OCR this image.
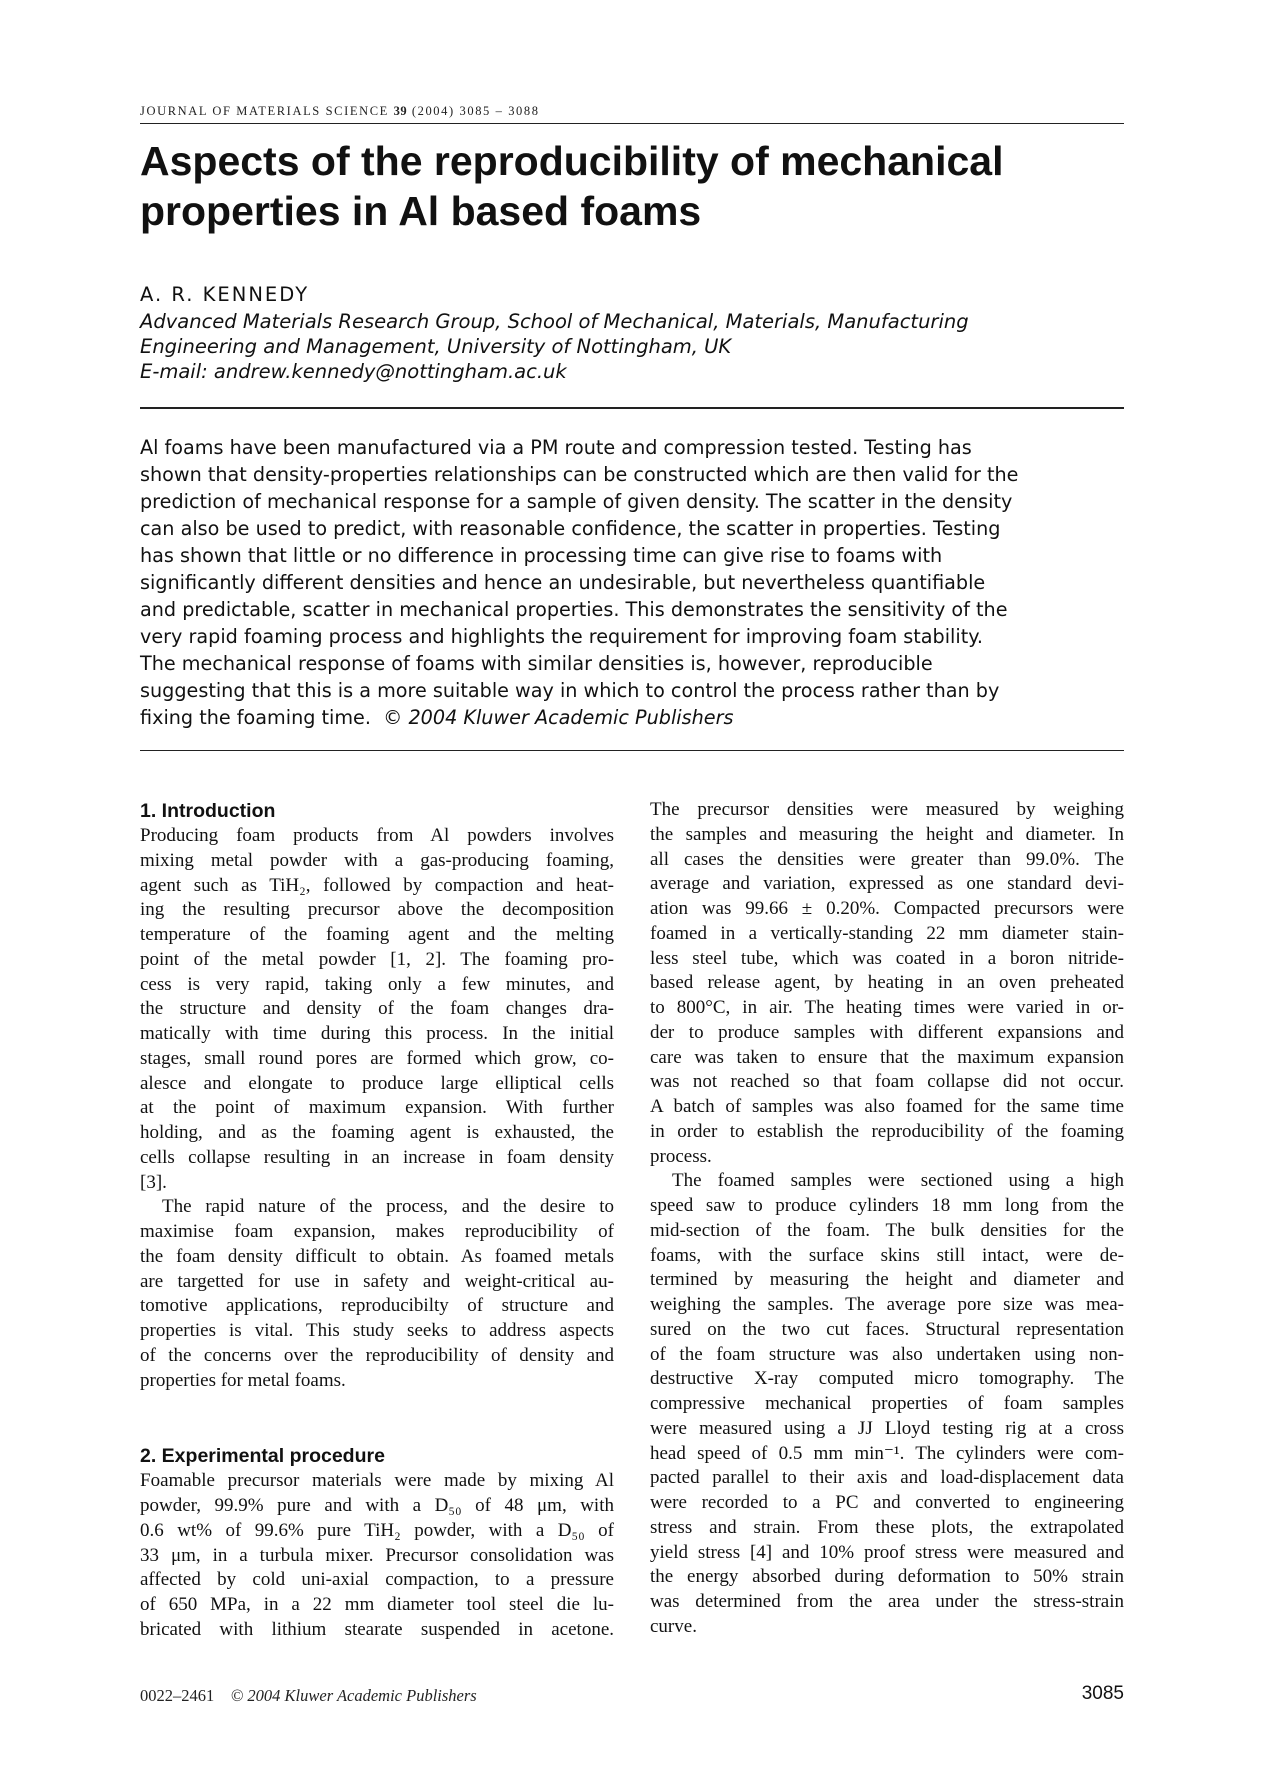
JOURNAL OF MATERIALS SCIENCE 39 (2004) 3085 – 3088
Aspects of the reproducibility of mechanical
properties in Al based foams
A. R. KENNEDY
Advanced Materials Research Group, School of Mechanical, Materials, Manufacturing
Engineering and Management, University of Nottingham, UK
E-mail: andrew.kennedy@nottingham.ac.uk
Al foams have been manufactured via a PM route and compression tested. Testing has
shown that density-properties relationships can be constructed which are then valid for the
prediction of mechanical response for a sample of given density. The scatter in the density
can also be used to predict, with reasonable confidence, the scatter in properties. Testing
has shown that little or no difference in processing time can give rise to foams with
significantly different densities and hence an undesirable, but nevertheless quantifiable
and predictable, scatter in mechanical properties. This demonstrates the sensitivity of the
very rapid foaming process and highlights the requirement for improving foam stability.
The mechanical response of foams with similar densities is, however, reproducible
suggesting that this is a more suitable way in which to control the process rather than by
fixing the foaming time. © 2004 Kluwer Academic Publishers
1. Introduction
Producing foam products from Al powders involves
mixing metal powder with a gas-producing foaming,
agent such as TiH₂, followed by compaction and heat-
ing the resulting precursor above the decomposition
temperature of the foaming agent and the melting
point of the metal powder [1, 2]. The foaming pro-
cess is very rapid, taking only a few minutes, and
the structure and density of the foam changes dra-
matically with time during this process. In the initial
stages, small round pores are formed which grow, co-
alesce and elongate to produce large elliptical cells
at the point of maximum expansion. With further
holding, and as the foaming agent is exhausted, the
cells collapse resulting in an increase in foam density
[3].
The rapid nature of the process, and the desire to
maximise foam expansion, makes reproducibility of
the foam density difficult to obtain. As foamed metals
are targetted for use in safety and weight-critical au-
tomotive applications, reproducibilty of structure and
properties is vital. This study seeks to address aspects
of the concerns over the reproducibility of density and
properties for metal foams.
2. Experimental procedure
Foamable precursor materials were made by mixing Al
powder, 99.9% pure and with a D₅₀ of 48 μm, with
0.6 wt% of 99.6% pure TiH₂ powder, with a D₅₀ of
33 μm, in a turbula mixer. Precursor consolidation was
affected by cold uni-axial compaction, to a pressure
of 650 MPa, in a 22 mm diameter tool steel die lu-
bricated with lithium stearate suspended in acetone.
The precursor densities were measured by weighing
the samples and measuring the height and diameter. In
all cases the densities were greater than 99.0%. The
average and variation, expressed as one standard devi-
ation was 99.66 ± 0.20%. Compacted precursors were
foamed in a vertically-standing 22 mm diameter stain-
less steel tube, which was coated in a boron nitride-
based release agent, by heating in an oven preheated
to 800°C, in air. The heating times were varied in or-
der to produce samples with different expansions and
care was taken to ensure that the maximum expansion
was not reached so that foam collapse did not occur.
A batch of samples was also foamed for the same time
in order to establish the reproducibility of the foaming
process.
The foamed samples were sectioned using a high
speed saw to produce cylinders 18 mm long from the
mid-section of the foam. The bulk densities for the
foams, with the surface skins still intact, were de-
termined by measuring the height and diameter and
weighing the samples. The average pore size was mea-
sured on the two cut faces. Structural representation
of the foam structure was also undertaken using non-
destructive X-ray computed micro tomography. The
compressive mechanical properties of foam samples
were measured using a JJ Lloyd testing rig at a cross
head speed of 0.5 mm min⁻¹. The cylinders were com-
pacted parallel to their axis and load-displacement data
were recorded to a PC and converted to engineering
stress and strain. From these plots, the extrapolated
yield stress [4] and 10% proof stress were measured and
the energy absorbed during deformation to 50% strain
was determined from the area under the stress-strain
curve.
0022–2461 © 2004 Kluwer Academic Publishers	3085
